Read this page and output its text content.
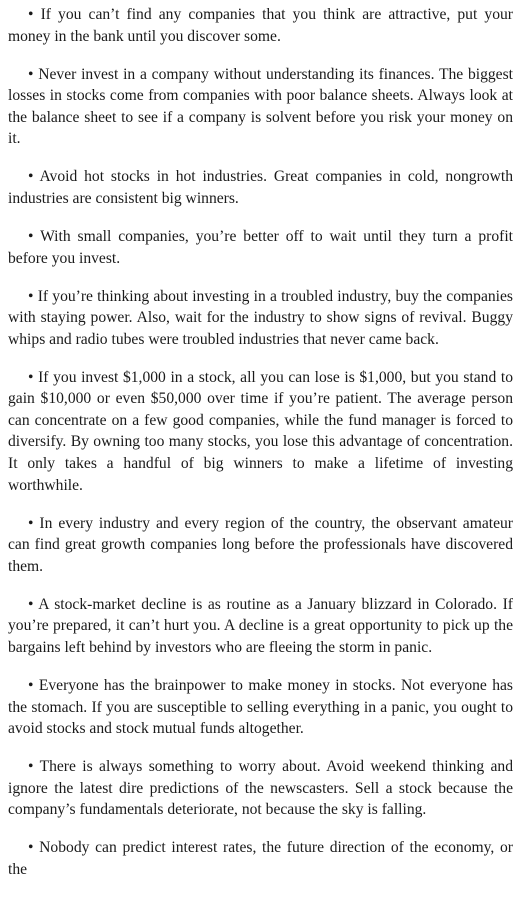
• If you can’t find any companies that you think are attractive, put your money in the bank until you discover some.

• Never invest in a company without understanding its finances. The biggest losses in stocks come from companies with poor balance sheets. Always look at the balance sheet to see if a company is solvent before you risk your money on it.

• Avoid hot stocks in hot industries. Great companies in cold, nongrowth industries are consistent big winners.

• With small companies, you’re better off to wait until they turn a profit before you invest.

• If you’re thinking about investing in a troubled industry, buy the companies with staying power. Also, wait for the industry to show signs of revival. Buggy whips and radio tubes were troubled industries that never came back.

• If you invest $1,000 in a stock, all you can lose is $1,000, but you stand to gain $10,000 or even $50,000 over time if you’re patient. The average person can concentrate on a few good companies, while the fund manager is forced to diversify. By owning too many stocks, you lose this advantage of concentration. It only takes a handful of big winners to make a lifetime of investing worthwhile.

• In every industry and every region of the country, the observant amateur can find great growth companies long before the professionals have discovered them.

• A stock-market decline is as routine as a January blizzard in Colorado. If you’re prepared, it can’t hurt you. A decline is a great opportunity to pick up the bargains left behind by investors who are fleeing the storm in panic.

• Everyone has the brainpower to make money in stocks. Not everyone has the stomach. If you are susceptible to selling everything in a panic, you ought to avoid stocks and stock mutual funds altogether.

• There is always something to worry about. Avoid weekend thinking and ignore the latest dire predictions of the newscasters. Sell a stock because the company’s fundamentals deteriorate, not because the sky is falling.

• Nobody can predict interest rates, the future direction of the economy, or the
